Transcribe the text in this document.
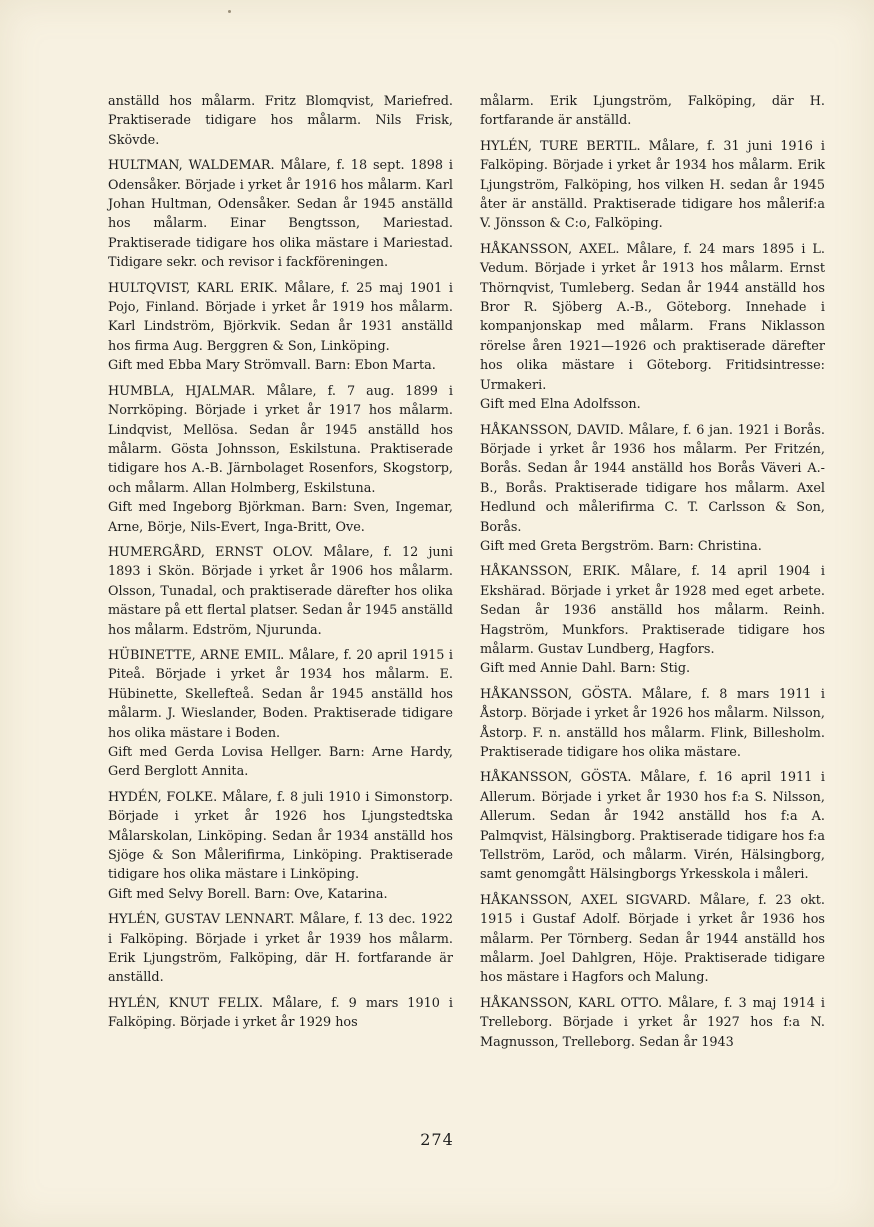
anställd hos målarm. Fritz Blomqvist, Mariefred. Praktiserade tidigare hos målarm. Nils Frisk, Skövde.

HULTMAN, WALDEMAR. Målare, f. 18 sept. 1898 i Odensåker. Började i yrket år 1916 hos målarm. Karl Johan Hultman, Odensåker. Sedan år 1945 anställd hos målarm. Einar Bengtsson, Mariestad. Praktiserade tidigare hos olika mästare i Mariestad. Tidigare sekr. och revisor i fackföreningen.

HULTQVIST, KARL ERIK. Målare, f. 25 maj 1901 i Pojo, Finland. Började i yrket år 1919 hos målarm. Karl Lindström, Björkvik. Sedan år 1931 anställd hos firma Aug. Berggren & Son, Linköping.

Gift med Ebba Mary Strömvall. Barn: Ebon Marta.

HUMBLA, HJALMAR. Målare, f. 7 aug. 1899 i Norrköping. Började i yrket år 1917 hos målarm. Lindqvist, Mellösa. Sedan år 1945 anställd hos målarm. Gösta Johnsson, Eskilstuna. Praktiserade tidigare hos A.-B. Järnbolaget Rosenfors, Skogstorp, och målarm. Allan Holmberg, Eskilstuna.

Gift med Ingeborg Björkman. Barn: Sven, Ingemar, Arne, Börje, Nils-Evert, Inga-Britt, Ove.

HUMERGÅRD, ERNST OLOV. Målare, f. 12 juni 1893 i Skön. Började i yrket år 1906 hos målarm. Olsson, Tunadal, och praktiserade därefter hos olika mästare på ett flertal platser. Sedan år 1945 anställd hos målarm. Edström, Njurunda.

HÜBINETTE, ARNE EMIL. Målare, f. 20 april 1915 i Piteå. Började i yrket år 1934 hos målarm. E. Hübinette, Skellefteå. Sedan år 1945 anställd hos målarm. J. Wieslander, Boden. Praktiserade tidigare hos olika mästare i Boden.

Gift med Gerda Lovisa Hellger. Barn: Arne Hardy, Gerd Berglott Annita.

HYDÉN, FOLKE. Målare, f. 8 juli 1910 i Simonstorp. Började i yrket år 1926 hos Ljungstedtska Målarskolan, Linköping. Sedan år 1934 anställd hos Sjöge & Son Målerifirma, Linköping. Praktiserade tidigare hos olika mästare i Linköping.

Gift med Selvy Borell. Barn: Ove, Katarina.

HYLÉN, GUSTAV LENNART. Målare, f. 13 dec. 1922 i Falköping. Började i yrket år 1939 hos målarm. Erik Ljungström, Falköping, där H. fortfarande är anställd.

HYLÉN, KNUT FELIX. Målare, f. 9 mars 1910 i Falköping. Började i yrket år 1929 hos

målarm. Erik Ljungström, Falköping, där H. fortfarande är anställd.

HYLÉN, TURE BERTIL. Målare, f. 31 juni 1916 i Falköping. Började i yrket år 1934 hos målarm. Erik Ljungström, Falköping, hos vilken H. sedan år 1945 åter är anställd. Praktiserade tidigare hos målerif:a V. Jönsson & C:o, Falköping.

HÅKANSSON, AXEL. Målare, f. 24 mars 1895 i L. Vedum. Började i yrket år 1913 hos målarm. Ernst Thörnqvist, Tumleberg. Sedan år 1944 anställd hos Bror R. Sjöberg A.-B., Göteborg. Innehade i kompanjonskap med målarm. Frans Niklasson rörelse åren 1921—1926 och praktiserade därefter hos olika mästare i Göteborg. Fritidsintresse: Urmakeri.

Gift med Elna Adolfsson.

HÅKANSSON, DAVID. Målare, f. 6 jan. 1921 i Borås. Började i yrket år 1936 hos målarm. Per Fritzén, Borås. Sedan år 1944 anställd hos Borås Väveri A.-B., Borås. Praktiserade tidigare hos målarm. Axel Hedlund och målerifirma C. T. Carlsson & Son, Borås.

Gift med Greta Bergström. Barn: Christina.

HÅKANSSON, ERIK. Målare, f. 14 april 1904 i Ekshärad. Började i yrket år 1928 med eget arbete. Sedan år 1936 anställd hos målarm. Reinh. Hagström, Munkfors. Praktiserade tidigare hos målarm. Gustav Lundberg, Hagfors.

Gift med Annie Dahl. Barn: Stig.

HÅKANSSON, GÖSTA. Målare, f. 8 mars 1911 i Åstorp. Började i yrket år 1926 hos målarm. Nilsson, Åstorp. F. n. anställd hos målarm. Flink, Billesholm. Praktiserade tidigare hos olika mästare.

HÅKANSSON, GÖSTA. Målare, f. 16 april 1911 i Allerum. Började i yrket år 1930 hos f:a S. Nilsson, Allerum. Sedan år 1942 anställd hos f:a A. Palmqvist, Hälsingborg. Praktiserade tidigare hos f:a Tellström, Laröd, och målarm. Virén, Hälsingborg, samt genomgått Hälsingborgs Yrkesskola i måleri.

HÅKANSSON, AXEL SIGVARD. Målare, f. 23 okt. 1915 i Gustaf Adolf. Började i yrket år 1936 hos målarm. Per Törnberg. Sedan år 1944 anställd hos målarm. Joel Dahlgren, Höje. Praktiserade tidigare hos mästare i Hagfors och Malung.

HÅKANSSON, KARL OTTO. Målare, f. 3 maj 1914 i Trelleborg. Började i yrket år 1927 hos f:a N. Magnusson, Trelleborg. Sedan år 1943

274
